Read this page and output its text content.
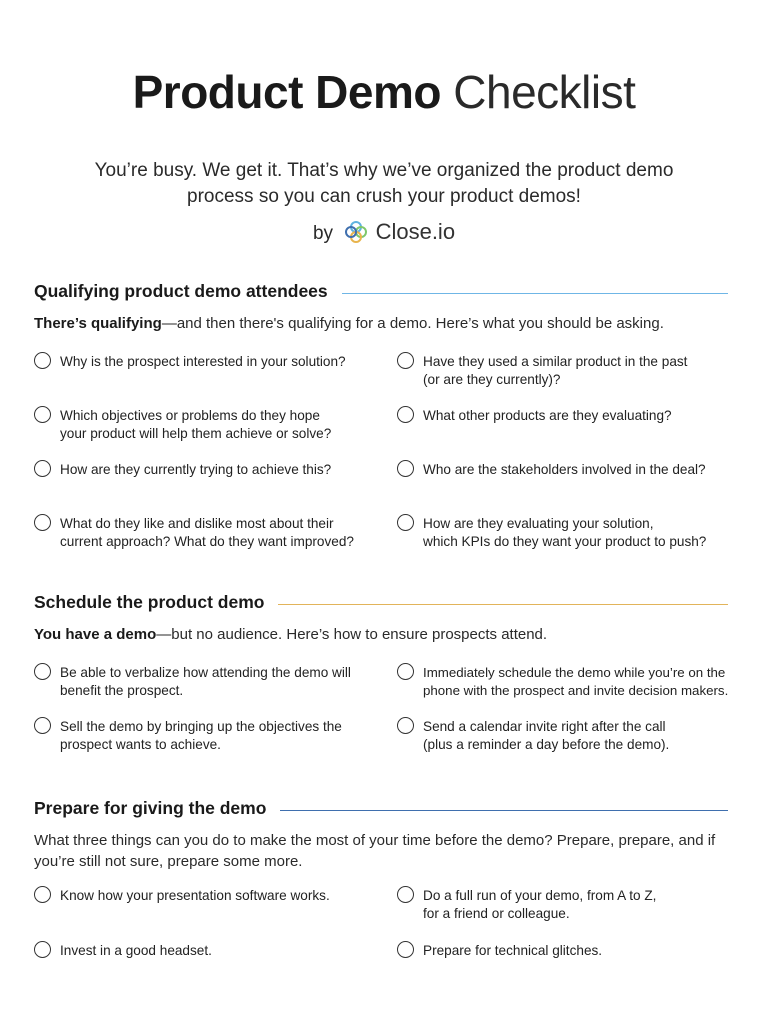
Product Demo Checklist
You’re busy. We get it. That’s why we’ve organized the product demo process so you can crush your product demos!
by Close.io
Qualifying product demo attendees
There’s qualifying—and then there's qualifying for a demo. Here’s what you should be asking.
Why is the prospect interested in your solution?	Have they used a similar product in the past
(or are they currently)?
Which objectives or problems do they hope
your product will help them achieve or solve?
What other products are they evaluating?
How are they currently trying to achieve this?	Who are the stakeholders involved in the deal?
What do they like and dislike most about their
current approach? What do they want improved?
How are they evaluating your solution,
which KPIs do they want your product to push?
Schedule the product demo
You have a demo—but no audience. Here’s how to ensure prospects attend.
Be able to verbalize how attending the demo will
benefit the prospect.
Immediately schedule the demo while you’re on the
phone with the prospect and invite decision makers.
Sell the demo by bringing up the objectives the
prospect wants to achieve.
Send a calendar invite right after the call
(plus a reminder a day before the demo).
Prepare for giving the demo
What three things can you do to make the most of your time before the demo? Prepare, prepare, and if you’re still not sure, prepare some more.
Know how your presentation software works.	Do a full run of your demo, from A to Z,
for a friend or colleague.
Invest in a good headset.	Prepare for technical glitches.
